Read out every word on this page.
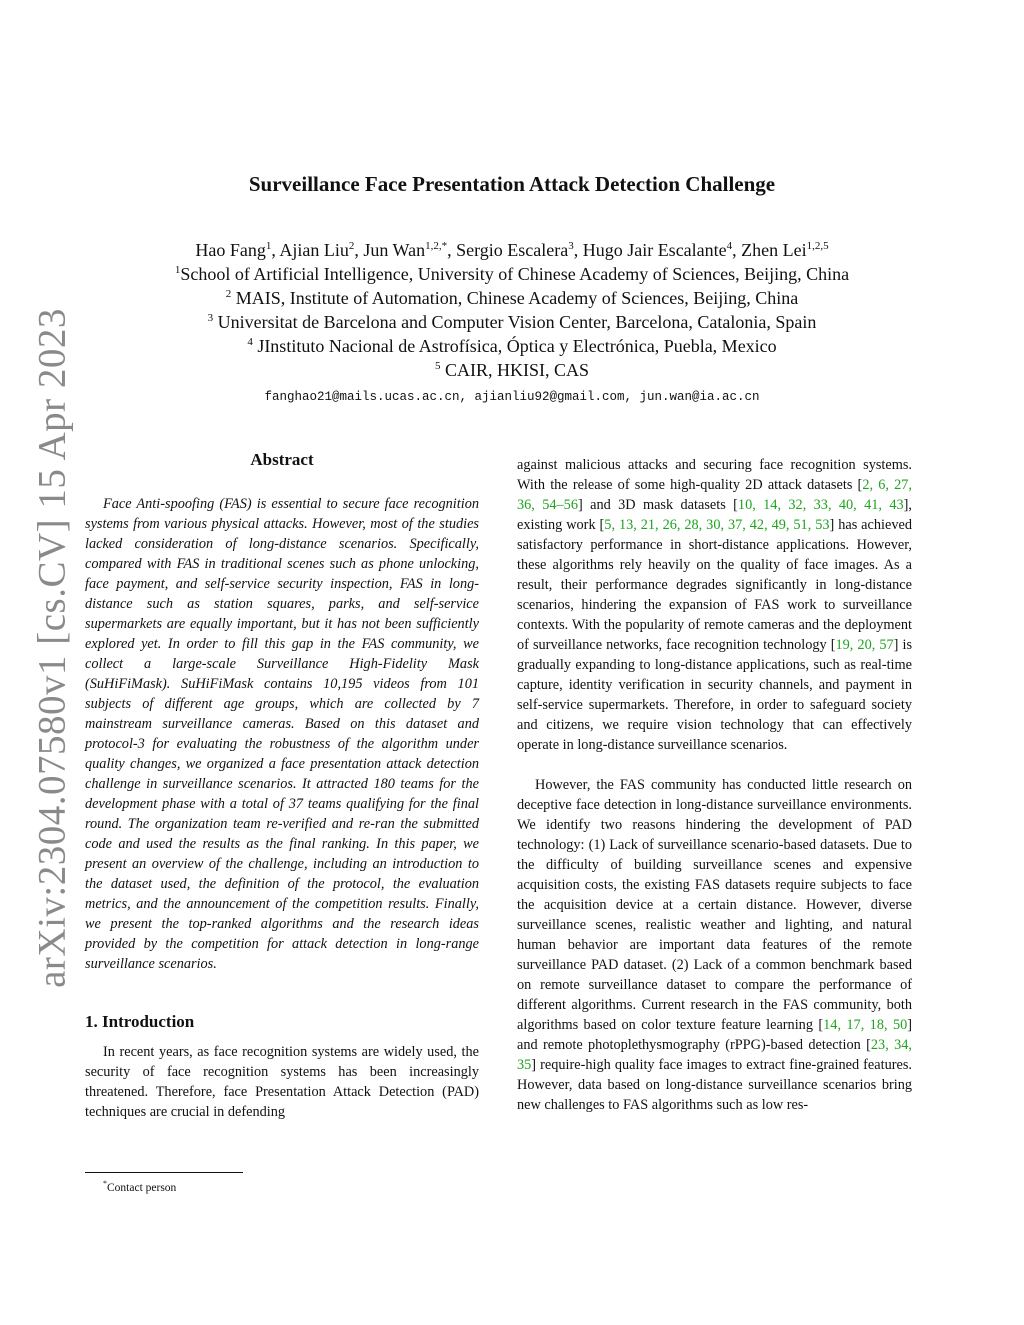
arXiv:2304.07580v1 [cs.CV] 15 Apr 2023
Surveillance Face Presentation Attack Detection Challenge
Hao Fang$^1$, Ajian Liu$^2$, Jun Wan$^{1,2,*}$, Sergio Escalera$^3$, Hugo Jair Escalante$^4$, Zhen Lei$^{1,2,5}$
$^1$School of Artificial Intelligence, University of Chinese Academy of Sciences, Beijing, China
$^2$ MAIS, Institute of Automation, Chinese Academy of Sciences, Beijing, China
$^3$ Universitat de Barcelona and Computer Vision Center, Barcelona, Catalonia, Spain
$^4$ JInstituto Nacional de Astrofísica, Óptica y Electrónica, Puebla, Mexico
$^5$ CAIR, HKISI, CAS
fanghao21@mails.ucas.ac.cn, ajianliu92@gmail.com, jun.wan@ia.ac.cn
Abstract

Face Anti-spoofing (FAS) is essential to secure face recognition systems from various physical attacks. However, most of the studies lacked consideration of long-distance scenarios. Specifically, compared with FAS in traditional scenes such as phone unlocking, face payment, and self-service security inspection, FAS in long-distance such as station squares, parks, and self-service supermarkets are equally important, but it has not been sufficiently explored yet. In order to fill this gap in the FAS community, we collect a large-scale Surveillance High-Fidelity Mask (SuHiFiMask). SuHiFiMask contains 10,195 videos from 101 subjects of different age groups, which are collected by 7 mainstream surveillance cameras. Based on this dataset and protocol-3 for evaluating the robustness of the algorithm under quality changes, we organized a face presentation attack detection challenge in surveillance scenarios. It attracted 180 teams for the development phase with a total of 37 teams qualifying for the final round. The organization team re-verified and re-ran the submitted code and used the results as the final ranking. In this paper, we present an overview of the challenge, including an introduction to the dataset used, the definition of the protocol, the evaluation metrics, and the announcement of the competition results. Finally, we present the top-ranked algorithms and the research ideas provided by the competition for attack detection in long-range surveillance scenarios.

1. Introduction

In recent years, as face recognition systems are widely used, the security of face recognition systems has been increasingly threatened. Therefore, face Presentation Attack Detection (PAD) techniques are crucial in defending

against malicious attacks and securing face recognition systems. With the release of some high-quality 2D attack datasets [2, 6, 27, 36, 54–56] and 3D mask datasets [10, 14, 32, 33, 40, 41, 43], existing work [5, 13, 21, 26, 28, 30, 37, 42, 49, 51, 53] has achieved satisfactory performance in short-distance applications. However, these algorithms rely heavily on the quality of face images. As a result, their performance degrades significantly in long-distance scenarios, hindering the expansion of FAS work to surveillance contexts. With the popularity of remote cameras and the deployment of surveillance networks, face recognition technology [19, 20, 57] is gradually expanding to long-distance applications, such as real-time capture, identity verification in security channels, and payment in self-service supermarkets. Therefore, in order to safeguard society and citizens, we require vision technology that can effectively operate in long-distance surveillance scenarios.

However, the FAS community has conducted little research on deceptive face detection in long-distance surveillance environments. We identify two reasons hindering the development of PAD technology: (1) Lack of surveillance scenario-based datasets. Due to the difficulty of building surveillance scenes and expensive acquisition costs, the existing FAS datasets require subjects to face the acquisition device at a certain distance. However, diverse surveillance scenes, realistic weather and lighting, and natural human behavior are important data features of the remote surveillance PAD dataset. (2) Lack of a common benchmark based on remote surveillance dataset to compare the performance of different algorithms. Current research in the FAS community, both algorithms based on color texture feature learning [14, 17, 18, 50] and remote photoplethysmography (rPPG)-based detection [23, 34, 35] require-high quality face images to extract fine-grained features. However, data based on long-distance surveillance scenarios bring new challenges to FAS algorithms such as low res-

*Contact person
